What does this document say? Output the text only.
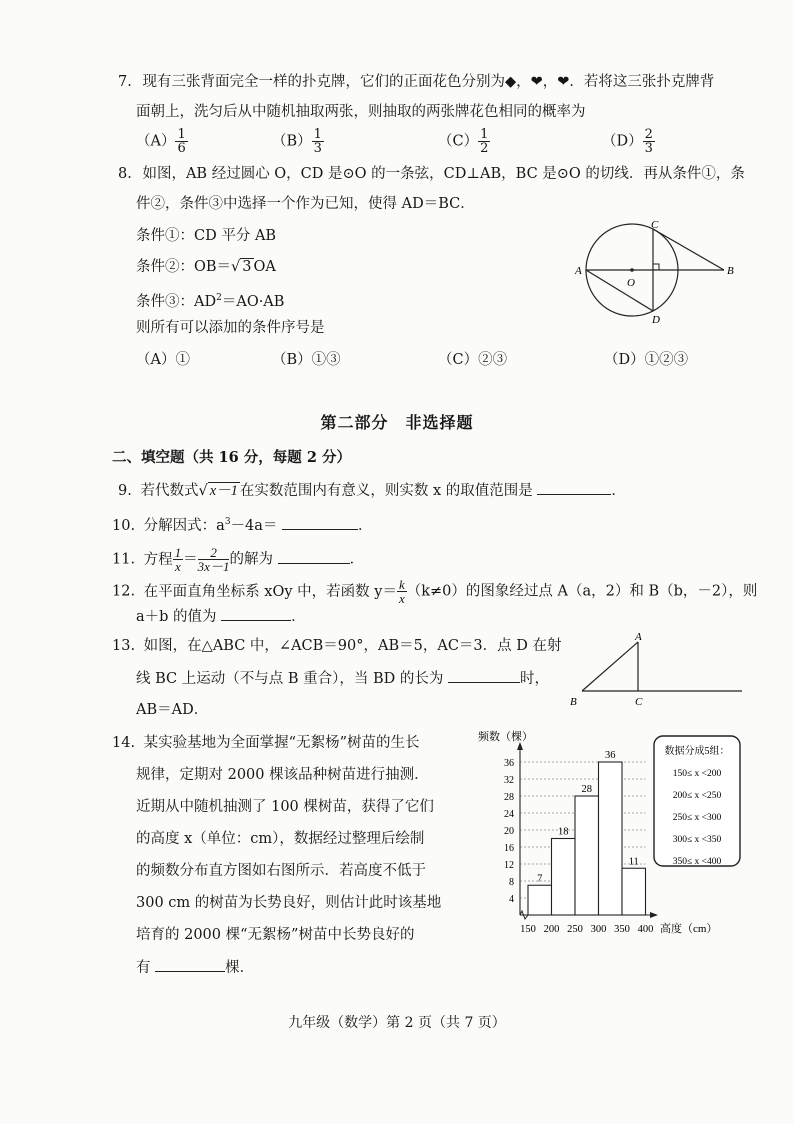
7. 现有三张背面完全一样的扑克牌，它们的正面花色分别为◆，❤，❤．若将这三张扑克牌背
面朝上，洗匀后从中随机抽取两张，则抽取的两张牌花色相同的概率为
$(A) \frac{1}{6}$	$(B) \frac{1}{3}$	$(C) \frac{1}{2}$	$(D) \frac{2}{3}$
8. 如图，AB 经过圆心 O，CD 是⊙O 的一条弦，CD⊥AB，BC 是⊙O 的切线．再从条件①，条
件②，条件③中选择一个作为已知，使得 AD＝BC．
条件①：CD 平分 AB
条件②：OB＝√ 3 OA
条件③：$AD^2=AO\cdot AB$
则所有可以添加的条件序号是
（A）①	（B）①③	（C）②③	（D）①②③
A	B
C
D
O
第二部分　非选择题
二、填空题（共 16 分，每题 2 分）
9. 若代数式√ x－1 在实数范围内有意义，则实数 x 的取值范围是	．
10. 分解因式：$a^3-4a=$	．
11. 方程 $\frac{1}{x} = \frac{2}{3x-1}$ 的解为	．
12. 在平面直角坐标系 xOy 中，若函数 $y= \frac{k}{x} (k\ne 0)$的图象经过点 A（a，2）和 B（b，－2），则
a＋b 的值为	．
13. 如图，在△ABC 中，∠ACB＝90°，AB＝5，AC＝3．点 D 在射
线 BC 上运动（不与点 B 重合），当 BD 的长为	时，
AB＝AD．
A
B	C
14. 某实验基地为全面掌握“无絮杨”树苗的生长
规律，定期对 2000 棵该品种树苗进行抽测．
近期从中随机抽测了 100 棵树苗，获得了它们
的高度 x（单位：cm），数据经过整理后绘制
的频数分布直方图如右图所示．若高度不低于
300 cm 的树苗为长势良好，则估计此时该基地
培育的 2000 棵“无絮杨”树苗中长势良好的
有	棵．
频数（棵）
高度（cm）
4
8
12
16
20
24
28
32
36
7
18
28
36
11
150 200 250 300 350 400
数据分成5组：
150≤ x <200
200≤ x <250
250≤ x <300
300≤ x <350
350≤ x <400
九年级（数学）第 2 页（共 7 页）
